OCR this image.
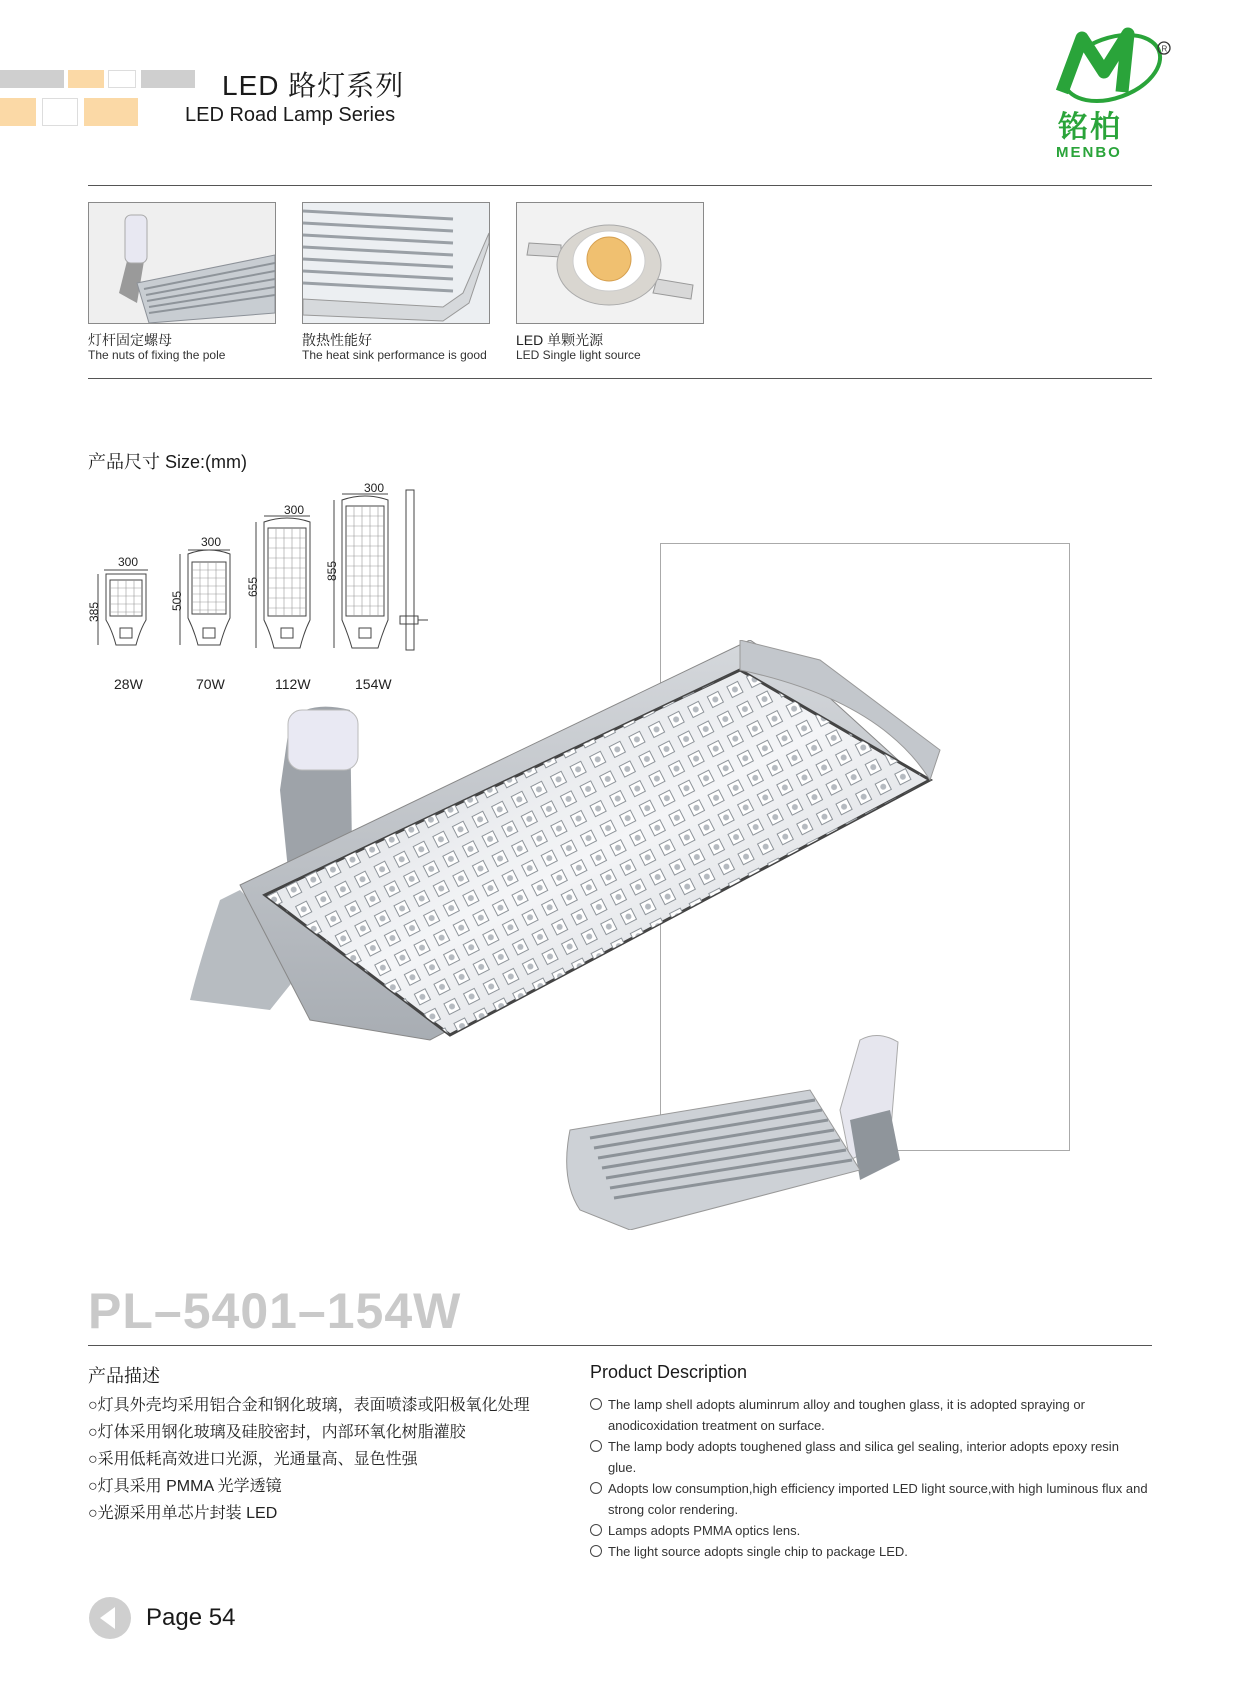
LED 路灯系列
LED Road Lamp Series
R
铭柏
MENBO
灯杆固定螺母
The nuts of fixing the pole
散热性能好
The heat sink performance is good
LED 单颗光源
LED Single light source
产品尺寸 Size:(mm)
300
300
300
300
385
505
655
855
28W	70W	112W	154W
PL–5401–154W
产品描述	Product Description
○灯具外壳均采用铝合金和钢化玻璃，表面喷漆或阳极氧化处理
○灯体采用钢化玻璃及硅胶密封，内部环氧化树脂灌胶
○采用低耗高效进口光源，光通量高、显色性强
○灯具采用 PMMA 光学透镜
○光源采用单芯片封装 LED
The lamp shell adopts aluminrum alloy and toughen glass, it is adopted spraying or anodicoxidation treatment on surface.
The lamp body adopts toughened glass and silica gel sealing, interior adopts epoxy resin glue.
Adopts low consumption,high efficiency imported LED light source,with high luminous flux and strong color rendering.
Lamps adopts PMMA optics lens.
The light source adopts single chip to package LED.
Page 54
